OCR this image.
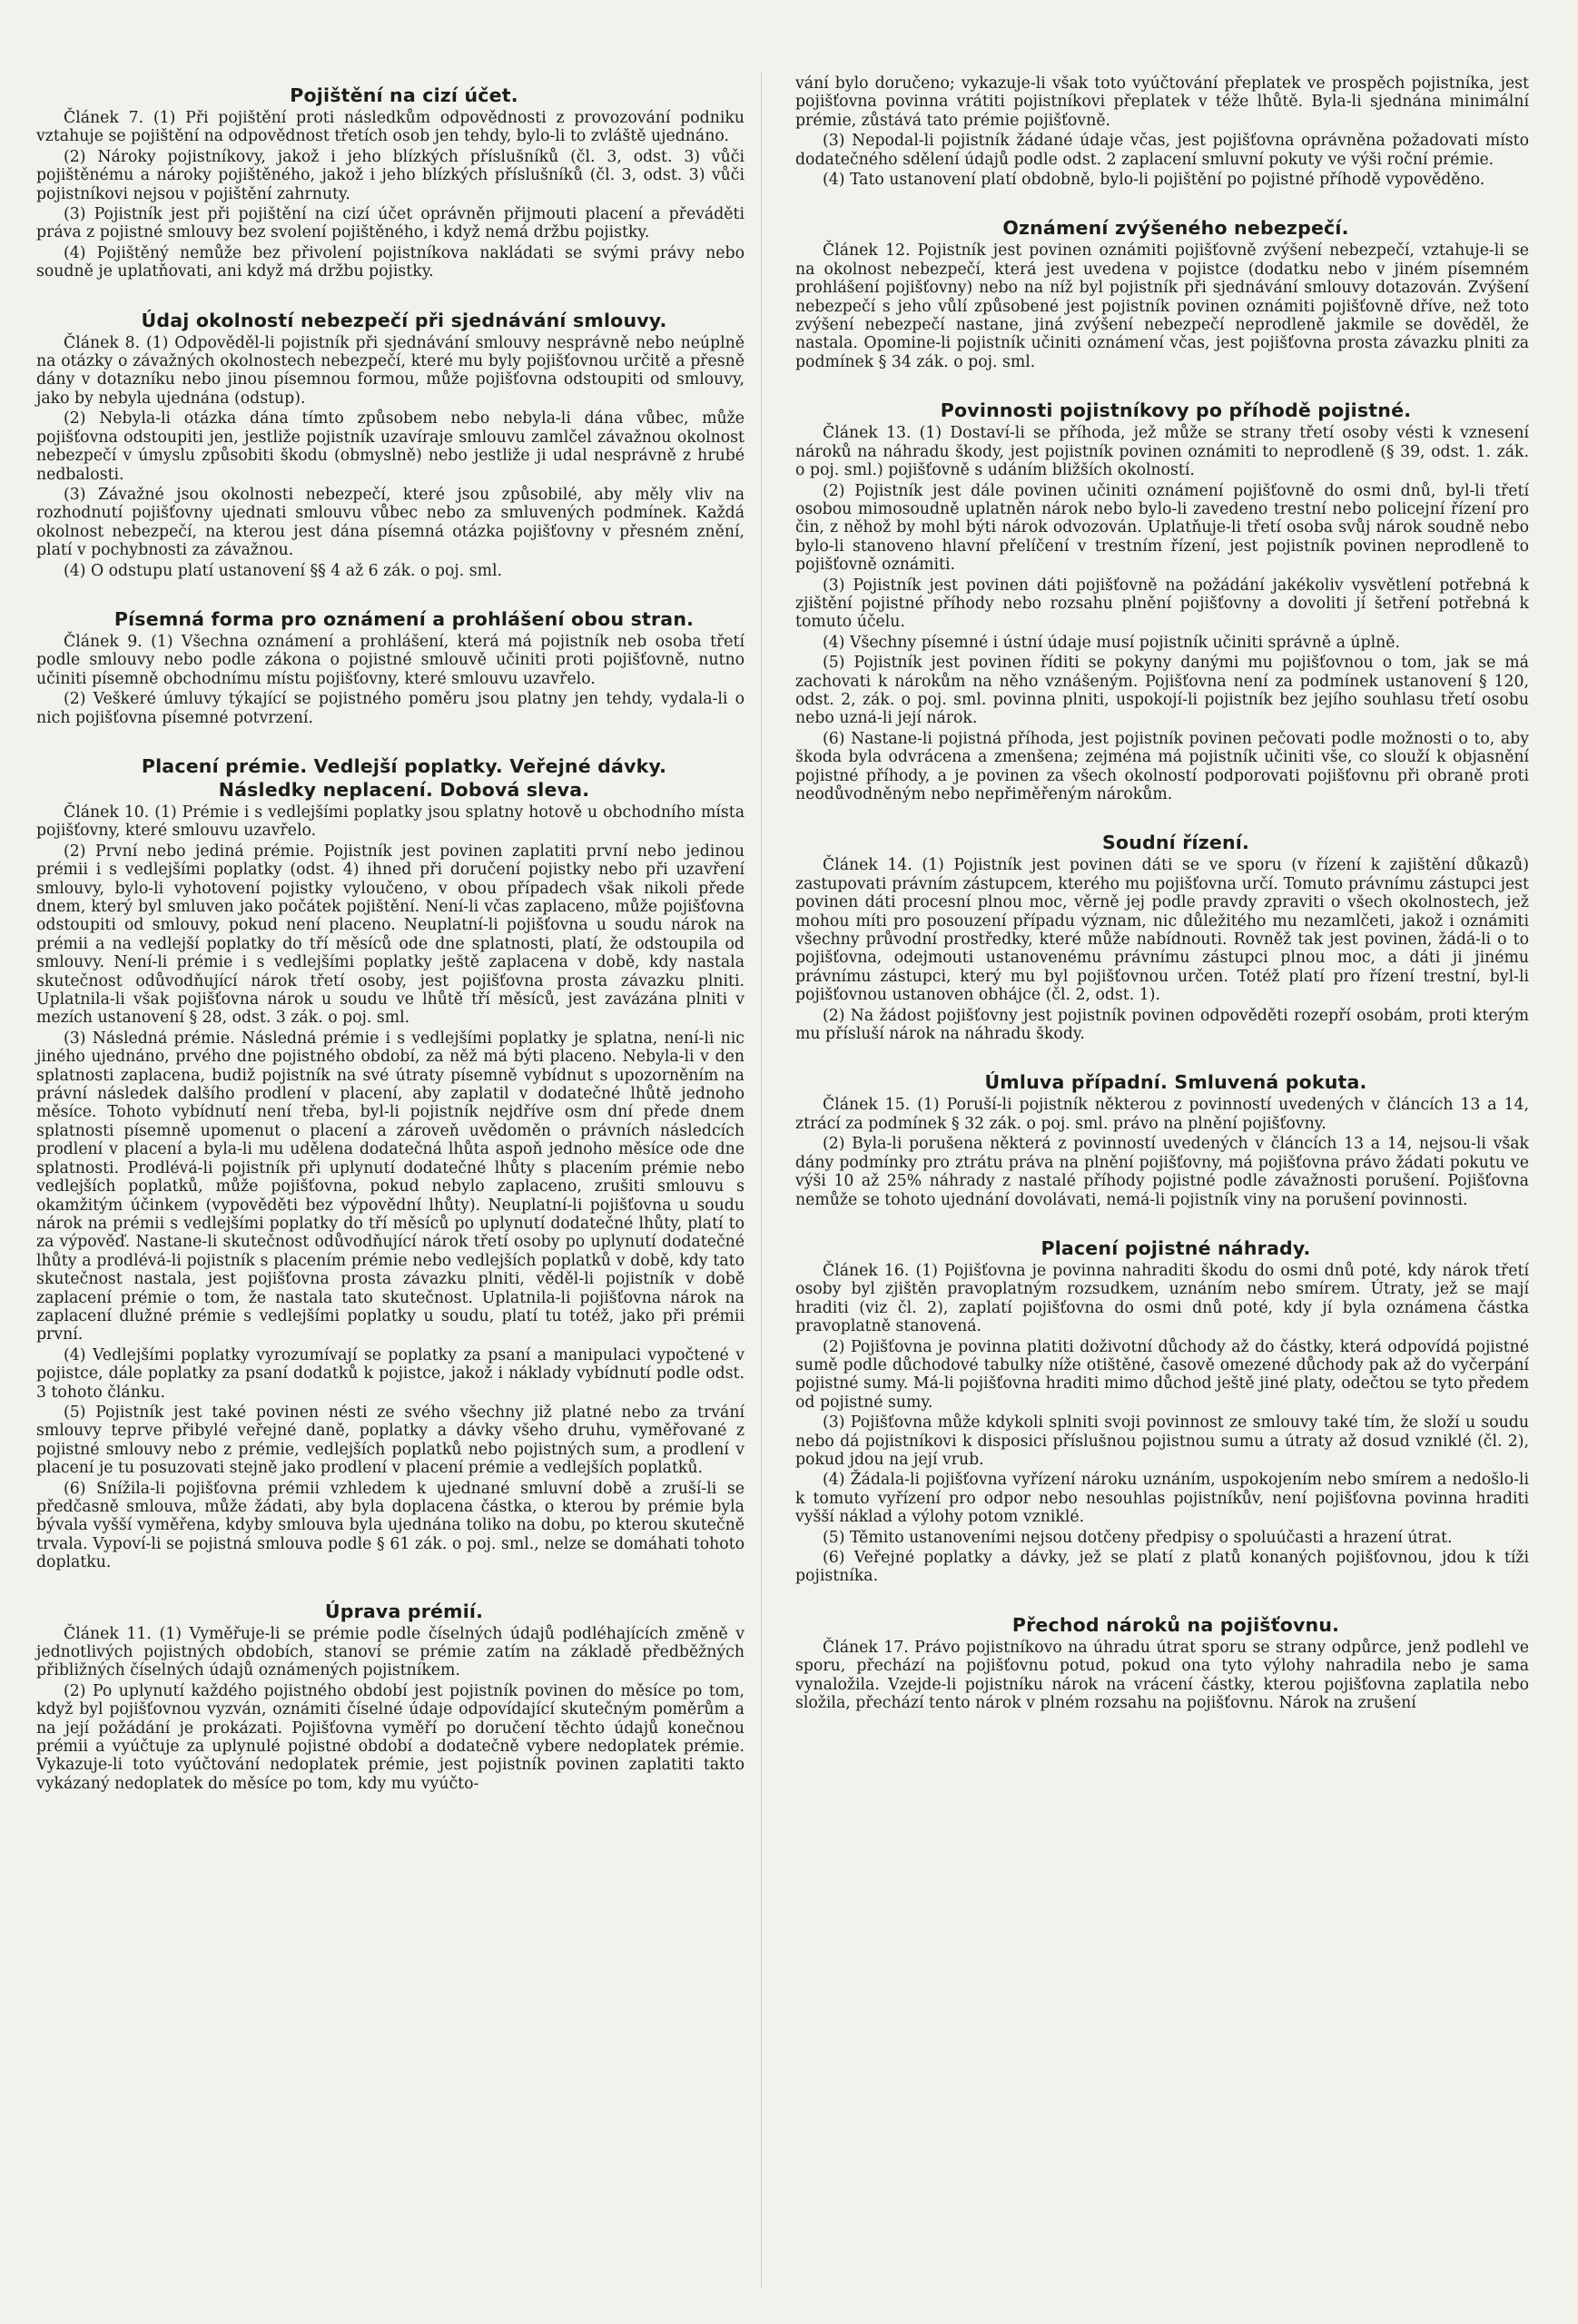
Pojištění na cizí účet.

Článek 7. (1) Při pojištění proti následkům odpovědnosti z provozování podniku vztahuje se pojištění na odpovědnost třetích osob jen tehdy, bylo-li to zvláště ujednáno.

(2) Nároky pojistníkovy, jakož i jeho blízkých příslušníků (čl. 3, odst. 3) vůči pojištěnému a nároky pojištěného, jakož i jeho blízkých příslušníků (čl. 3, odst. 3) vůči pojistníkovi nejsou v pojištění zahrnuty.

(3) Pojistník jest při pojištění na cizí účet oprávněn přijmouti placení a převáděti práva z pojistné smlouvy bez svolení pojištěného, i když nemá držbu pojistky.

(4) Pojištěný nemůže bez přivolení pojistníkova nakládati se svými právy nebo soudně je uplatňovati, ani když má držbu pojistky.

Údaj okolností nebezpečí při sjednávání smlouvy.

Článek 8. (1) Odpověděl-li pojistník při sjednávání smlouvy nesprávně nebo neúplně na otázky o závažných okolnostech nebezpečí, které mu byly pojišťovnou určitě a přesně dány v dotazníku nebo jinou písemnou formou, může pojišťovna odstoupiti od smlouvy, jako by nebyla ujednána (odstup).

(2) Nebyla-li otázka dána tímto způsobem nebo nebyla-li dána vůbec, může pojišťovna odstoupiti jen, jestliže pojistník uzavíraje smlouvu zamlčel závažnou okolnost nebezpečí v úmyslu způsobiti škodu (obmyslně) nebo jestliže ji udal nesprávně z hrubé nedbalosti.

(3) Závažné jsou okolnosti nebezpečí, které jsou způsobilé, aby měly vliv na rozhodnutí pojišťovny ujednati smlouvu vůbec nebo za smluvených podmínek. Každá okolnost nebezpečí, na kterou jest dána písemná otázka pojišťovny v přesném znění, platí v pochybnosti za závažnou.

(4) O odstupu platí ustanovení §§ 4 až 6 zák. o poj. sml.

Písemná forma pro oznámení a prohlášení obou stran.

Článek 9. (1) Všechna oznámení a prohlášení, která má pojistník neb osoba třetí podle smlouvy nebo podle zákona o pojistné smlouvě učiniti proti pojišťovně, nutno učiniti písemně obchodnímu místu pojišťovny, které smlouvu uzavřelo.

(2) Veškeré úmluvy týkající se pojistného poměru jsou platny jen tehdy, vydala-li o nich pojišťovna písemné potvrzení.

Placení prémie. Vedlejší poplatky. Veřejné dávky.

Následky neplacení. Dobová sleva.

Článek 10. (1) Prémie i s vedlejšími poplatky jsou splatny hotově u obchodního místa pojišťovny, které smlouvu uzavřelo.

(2) První nebo jediná prémie. Pojistník jest povinen zaplatiti první nebo jedinou prémii i s vedlejšími poplatky (odst. 4) ihned při doručení pojistky nebo při uzavření smlouvy, bylo-li vyhotovení pojistky vyloučeno, v obou případech však nikoli přede dnem, který byl smluven jako počátek pojištění. Není-li včas zaplaceno, může pojišťovna odstoupiti od smlouvy, pokud není placeno. Neuplatní-li pojišťovna u soudu nárok na prémii a na vedlejší poplatky do tří měsíců ode dne splatnosti, platí, že odstoupila od smlouvy. Není-li prémie i s vedlejšími poplatky ještě zaplacena v době, kdy nastala skutečnost odůvodňující nárok třetí osoby, jest pojišťovna prosta závazku plniti. Uplatnila-li však pojišťovna nárok u soudu ve lhůtě tří měsíců, jest zavázána plniti v mezích ustanovení § 28, odst. 3 zák. o poj. sml.

(3) Následná prémie. Následná prémie i s vedlejšími poplatky je splatna, není-li nic jiného ujednáno, prvého dne pojistného období, za něž má býti placeno. Nebyla-li v den splatnosti zaplacena, budiž pojistník na své útraty písemně vybídnut s upozorněním na právní následek dalšího prodlení v placení, aby zaplatil v dodatečné lhůtě jednoho měsíce. Tohoto vybídnutí není třeba, byl-li pojistník nejdříve osm dní přede dnem splatnosti písemně upomenut o placení a zároveň uvědoměn o právních následcích prodlení v placení a byla-li mu udělena dodatečná lhůta aspoň jednoho měsíce ode dne splatnosti. Prodlévá-li pojistník při uplynutí dodatečné lhůty s placením prémie nebo vedlejších poplatků, může pojišťovna, pokud nebylo zaplaceno, zrušiti smlouvu s okamžitým účinkem (vypověděti bez výpovědní lhůty). Neuplatní-li pojišťovna u soudu nárok na prémii s vedlejšími poplatky do tří měsíců po uplynutí dodatečné lhůty, platí to za výpověď. Nastane-li skutečnost odůvodňující nárok třetí osoby po uplynutí dodatečné lhůty a prodlévá-li pojistník s placením prémie nebo vedlejších poplatků v době, kdy tato skutečnost nastala, jest pojišťovna prosta závazku plniti, věděl-li pojistník v době zaplacení prémie o tom, že nastala tato skutečnost. Uplatnila-li pojišťovna nárok na zaplacení dlužné prémie s vedlejšími poplatky u soudu, platí tu totéž, jako při prémii první.

(4) Vedlejšími poplatky vyrozumívají se poplatky za psaní a manipulaci vypočtené v pojistce, dále poplatky za psaní dodatků k pojistce, jakož i náklady vybídnutí podle odst. 3 tohoto článku.

(5) Pojistník jest také povinen nésti ze svého všechny již platné nebo za trvání smlouvy teprve přibylé veřejné daně, poplatky a dávky všeho druhu, vyměřované z pojistné smlouvy nebo z prémie, vedlejších poplatků nebo pojistných sum, a prodlení v placení je tu posuzovati stejně jako prodlení v placení prémie a vedlejších poplatků.

(6) Snížila-li pojišťovna prémii vzhledem k ujednané smluvní době a zruší-li se předčasně smlouva, může žádati, aby byla doplacena částka, o kterou by prémie byla bývala vyšší vyměřena, kdyby smlouva byla ujednána toliko na dobu, po kterou skutečně trvala. Vypoví-li se pojistná smlouva podle § 61 zák. o poj. sml., nelze se domáhati tohoto doplatku.

Úprava prémií.

Článek 11. (1) Vyměřuje-li se prémie podle číselných údajů podléhajících změně v jednotlivých pojistných obdobích, stanoví se prémie zatím na základě předběžných přibližných číselných údajů oznámených pojistníkem.

(2) Po uplynutí každého pojistného období jest pojistník povinen do měsíce po tom, když byl pojišťovnou vyzván, oznámiti číselné údaje odpovídající skutečným poměrům a na její požádání je prokázati. Pojišťovna vyměří po doručení těchto údajů konečnou prémii a vyúčtuje za uplynulé pojistné období a dodatečně vybere nedoplatek prémie. Vykazuje-li toto vyúčtování nedoplatek prémie, jest pojistník povinen zaplatiti takto vykázaný nedoplatek do měsíce po tom, kdy mu vyúčto-

vání bylo doručeno; vykazuje-li však toto vyúčtování přeplatek ve prospěch pojistníka, jest pojišťovna povinna vrátiti pojistníkovi přeplatek v téže lhůtě. Byla-li sjednána minimální prémie, zůstává tato prémie pojišťovně.

(3) Nepodal-li pojistník žádané údaje včas, jest pojišťovna oprávněna požadovati místo dodatečného sdělení údajů podle odst. 2 zaplacení smluvní pokuty ve výši roční prémie.

(4) Tato ustanovení platí obdobně, bylo-li pojištění po pojistné příhodě vypověděno.

Oznámení zvýšeného nebezpečí.

Článek 12. Pojistník jest povinen oznámiti pojišťovně zvýšení nebezpečí, vztahuje-li se na okolnost nebezpečí, která jest uvedena v pojistce (dodatku nebo v jiném písemném prohlášení pojišťovny) nebo na níž byl pojistník při sjednávání smlouvy dotazován. Zvýšení nebezpečí s jeho vůlí způsobené jest pojistník povinen oznámiti pojišťovně dříve, než toto zvýšení nebezpečí nastane, jiná zvýšení nebezpečí neprodleně jakmile se dověděl, že nastala. Opomine-li pojistník učiniti oznámení včas, jest pojišťovna prosta závazku plniti za podmínek § 34 zák. o poj. sml.

Povinnosti pojistníkovy po příhodě pojistné.

Článek 13. (1) Dostaví-li se příhoda, jež může se strany třetí osoby vésti k vznesení nároků na náhradu škody, jest pojistník povinen oznámiti to neprodleně (§ 39, odst. 1. zák. o poj. sml.) pojišťovně s udáním bližších okolností.

(2) Pojistník jest dále povinen učiniti oznámení pojišťovně do osmi dnů, byl-li třetí osobou mimosoudně uplatněn nárok nebo bylo-li zavedeno trestní nebo policejní řízení pro čin, z něhož by mohl býti nárok odvozován. Uplatňuje-li třetí osoba svůj nárok soudně nebo bylo-li stanoveno hlavní přelíčení v trestním řízení, jest pojistník povinen neprodleně to pojišťovně oznámiti.

(3) Pojistník jest povinen dáti pojišťovně na požádání jakékoliv vysvětlení potřebná k zjištění pojistné příhody nebo rozsahu plnění pojišťovny a dovoliti jí šetření potřebná k tomuto účelu.

(4) Všechny písemné i ústní údaje musí pojistník učiniti správně a úplně.

(5) Pojistník jest povinen říditi se pokyny danými mu pojišťovnou o tom, jak se má zachovati k nárokům na něho vznášeným. Pojišťovna není za podmínek ustanovení § 120, odst. 2, zák. o poj. sml. povinna plniti, uspokojí-li pojistník bez jejího souhlasu třetí osobu nebo uzná-li její nárok.

(6) Nastane-li pojistná příhoda, jest pojistník povinen pečovati podle možnosti o to, aby škoda byla odvrácena a zmenšena; zejména má pojistník učiniti vše, co slouží k objasnění pojistné příhody, a je povinen za všech okolností podporovati pojišťovnu při obraně proti neodůvodněným nebo nepřiměřeným nárokům.

Soudní řízení.

Článek 14. (1) Pojistník jest povinen dáti se ve sporu (v řízení k zajištění důkazů) zastupovati právním zástupcem, kterého mu pojišťovna určí. Tomuto právnímu zástupci jest povinen dáti procesní plnou moc, věrně jej podle pravdy zpraviti o všech okolnostech, jež mohou míti pro posouzení případu význam, nic důležitého mu nezamlčeti, jakož i oznámiti všechny průvodní prostředky, které může nabídnouti. Rovněž tak jest povinen, žádá-li o to pojišťovna, odejmouti ustanovenému právnímu zástupci plnou moc, a dáti ji jinému právnímu zástupci, který mu byl pojišťovnou určen. Totéž platí pro řízení trestní, byl-li pojišťovnou ustanoven obhájce (čl. 2, odst. 1).

(2) Na žádost pojišťovny jest pojistník povinen odpověděti rozepří osobám, proti kterým mu přísluší nárok na náhradu škody.

Úmluva případní. Smluvená pokuta.

Článek 15. (1) Poruší-li pojistník některou z povinností uvedených v článcích 13 a 14, ztrácí za podmínek § 32 zák. o poj. sml. právo na plnění pojišťovny.

(2) Byla-li porušena některá z povinností uvedených v článcích 13 a 14, nejsou-li však dány podmínky pro ztrátu práva na plnění pojišťovny, má pojišťovna právo žádati pokutu ve výši 10 až 25% náhrady z nastalé příhody pojistné podle závažnosti porušení. Pojišťovna nemůže se tohoto ujednání dovolávati, nemá-li pojistník viny na porušení povinnosti.

Placení pojistné náhrady.

Článek 16. (1) Pojišťovna je povinna nahraditi škodu do osmi dnů poté, kdy nárok třetí osoby byl zjištěn pravoplatným rozsudkem, uznáním nebo smírem. Útraty, jež se mají hraditi (viz čl. 2), zaplatí pojišťovna do osmi dnů poté, kdy jí byla oznámena částka pravoplatně stanovená.

(2) Pojišťovna je povinna platiti doživotní důchody až do částky, která odpovídá pojistné sumě podle důchodové tabulky níže otištěné, časově omezené důchody pak až do vyčerpání pojistné sumy. Má-li pojišťovna hraditi mimo důchod ještě jiné platy, odečtou se tyto předem od pojistné sumy.

(3) Pojišťovna může kdykoli splniti svoji povinnost ze smlouvy také tím, že složí u soudu nebo dá pojistníkovi k disposici příslušnou pojistnou sumu a útraty až dosud vzniklé (čl. 2), pokud jdou na její vrub.

(4) Žádala-li pojišťovna vyřízení nároku uznáním, uspokojením nebo smírem a nedošlo-li k tomuto vyřízení pro odpor nebo nesouhlas pojistníkův, není pojišťovna povinna hraditi vyšší náklad a výlohy potom vzniklé.

(5) Těmito ustanoveními nejsou dotčeny předpisy o spoluúčasti a hrazení útrat.

(6) Veřejné poplatky a dávky, jež se platí z platů konaných pojišťovnou, jdou k tíži pojistníka.

Přechod nároků na pojišťovnu.

Článek 17. Právo pojistníkovo na úhradu útrat sporu se strany odpůrce, jenž podlehl ve sporu, přechází na pojišťovnu potud, pokud ona tyto výlohy nahradila nebo je sama vynaložila. Vzejde-li pojistníku nárok na vrácení částky, kterou pojišťovna zaplatila nebo složila, přechází tento nárok v plném rozsahu na pojišťovnu. Nárok na zrušení
